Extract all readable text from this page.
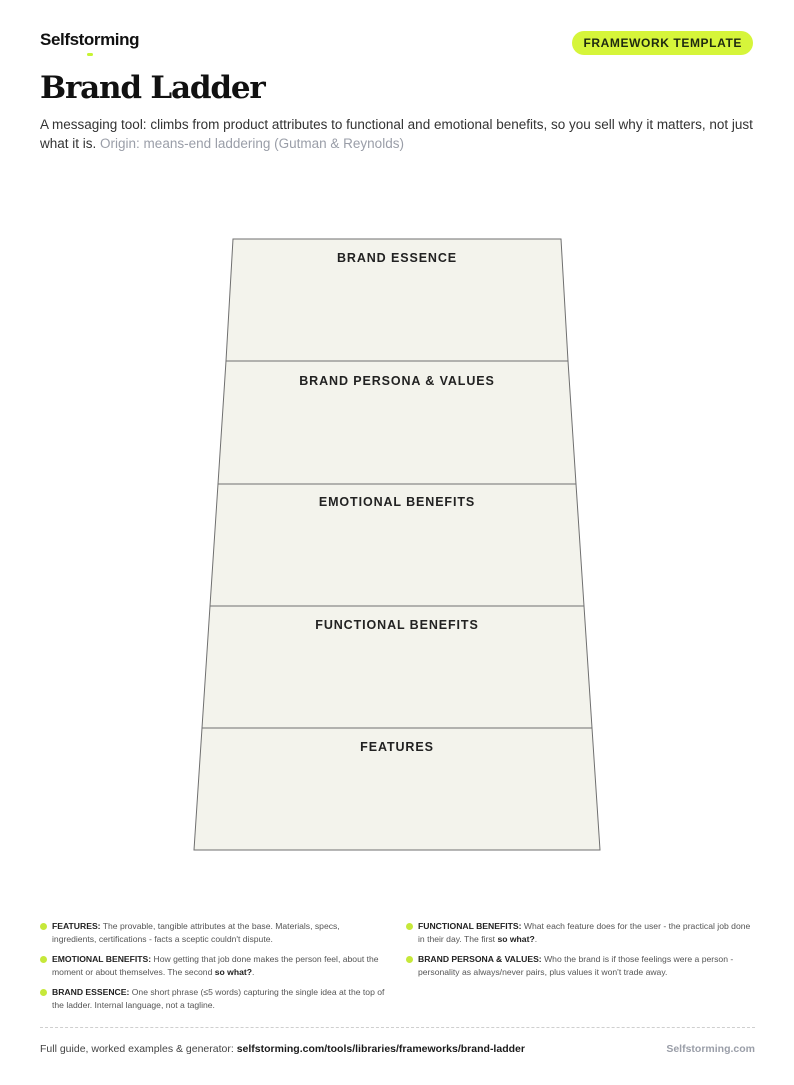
Selfstorming	FRAMEWORK TEMPLATE
Brand Ladder

A messaging tool: climbs from product attributes to functional and emotional benefits, so you sell why it matters, not just what it is. Origin: means-end laddering (Gutman & Reynolds)

BRAND ESSENCE
BRAND PERSONA & VALUES
EMOTIONAL BENEFITS
FUNCTIONAL BENEFITS
FEATURES
FEATURES: The provable, tangible attributes at the base. Materials, specs, ingredients, certifications - facts a sceptic couldn't dispute.
EMOTIONAL BENEFITS: How getting that job done makes the person feel, about the moment or about themselves. The second so what?.
BRAND ESSENCE: One short phrase (≤5 words) capturing the single idea at the top of the ladder. Internal language, not a tagline.
FUNCTIONAL BENEFITS: What each feature does for the user - the practical job done in their day. The first so what?.
BRAND PERSONA & VALUES: Who the brand is if those feelings were a person - personality as always/never pairs, plus values it won't trade away.
Full guide, worked examples & generator: selfstorming.com/tools/libraries/frameworks/brand-ladder	Selfstorming.com
